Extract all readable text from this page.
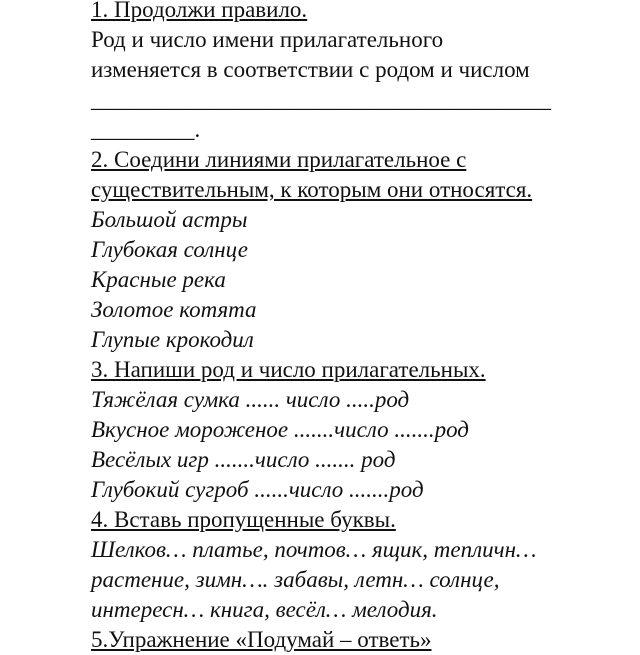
1. Продолжи правило.
Род и число имени прилагательного
изменяется в соответствии с родом и числом
________________________________________
_________.
2. Соедини линиями прилагательное с
существительным, к которым они относятся.
Большой астры
Глубокая солнце
Красные река
Золотое котята
Глупые крокодил
3. Напиши род и число прилагательных.
Тяжёлая сумка ...... число .....род
Вкусное мороженое .......число .......род
Весёлых игр .......число ....... род
Глубокий сугроб ......число .......род
4. Вставь пропущенные буквы.
Шелков… платье, почтов… ящик, тепличн…
растение, зимн…. забавы, летн… солнце,
интересн… книга, весёл… мелодия.
5.Упражнение «Подумай – ответь»
